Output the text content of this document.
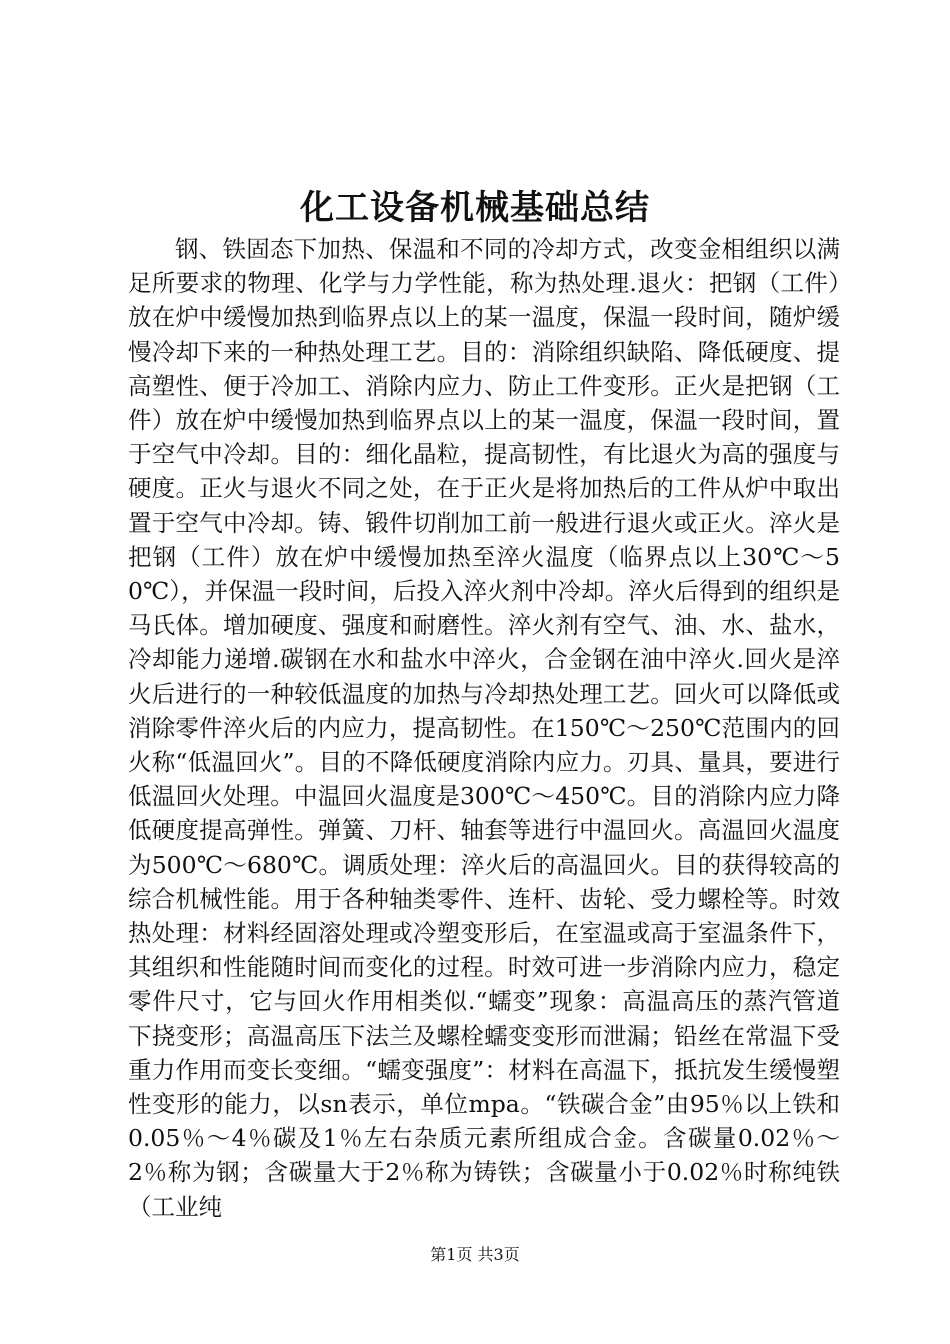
化工设备机械基础总结

钢、铁固态下加热、保温和不同的冷却方式，改变金相组织以满足所要求的物理、化学与力学性能，称为热处理.退火：把钢（工件）放在炉中缓慢加热到临界点以上的某一温度，保温一段时间，随炉缓慢冷却下来的一种热处理工艺。目的：消除组织缺陷、降低硬度、提高塑性、便于冷加工、消除内应力、防止工件变形。正火是把钢（工件）放在炉中缓慢加热到临界点以上的某一温度，保温一段时间，置于空气中冷却。目的：细化晶粒，提高韧性，有比退火为高的强度与硬度。正火与退火不同之处，在于正火是将加热后的工件从炉中取出置于空气中冷却。铸、锻件切削加工前一般进行退火或正火。淬火是把钢（工件）放在炉中缓慢加热至淬火温度（临界点以上30℃～50℃），并保温一段时间，后投入淬火剂中冷却。淬火后得到的组织是马氏体。增加硬度、强度和耐磨性。淬火剂有空气、油、水、盐水，冷却能力递增.碳钢在水和盐水中淬火，合金钢在油中淬火.回火是淬火后进行的一种较低温度的加热与冷却热处理工艺。回火可以降低或消除零件淬火后的内应力，提高韧性。在150℃～250℃范围内的回火称“低温回火”。目的不降低硬度消除内应力。刃具、量具，要进行低温回火处理。中温回火温度是300℃～450℃。目的消除内应力降低硬度提高弹性。弹簧、刀杆、轴套等进行中温回火。高温回火温度为500℃～680℃。调质处理：淬火后的高温回火。目的获得较高的综合机械性能。用于各种轴类零件、连杆、齿轮、受力螺栓等。时效热处理：材料经固溶处理或冷塑变形后，在室温或高于室温条件下，其组织和性能随时间而变化的过程。时效可进一步消除内应力，稳定零件尺寸，它与回火作用相类似.“蠕变”现象：高温高压的蒸汽管道下挠变形；高温高压下法兰及螺栓蠕变变形而泄漏；铅丝在常温下受重力作用而变长变细。“蠕变强度”：材料在高温下，抵抗发生缓慢塑性变形的能力，以sn表示，单位mpa。“铁碳合金”由95％以上铁和0.05％～4％碳及1％左右杂质元素所组成合金。含碳量0.02％～2％称为钢；含碳量大于2％称为铸铁；含碳量小于0.02％时称纯铁（工业纯

第1页 共3页
